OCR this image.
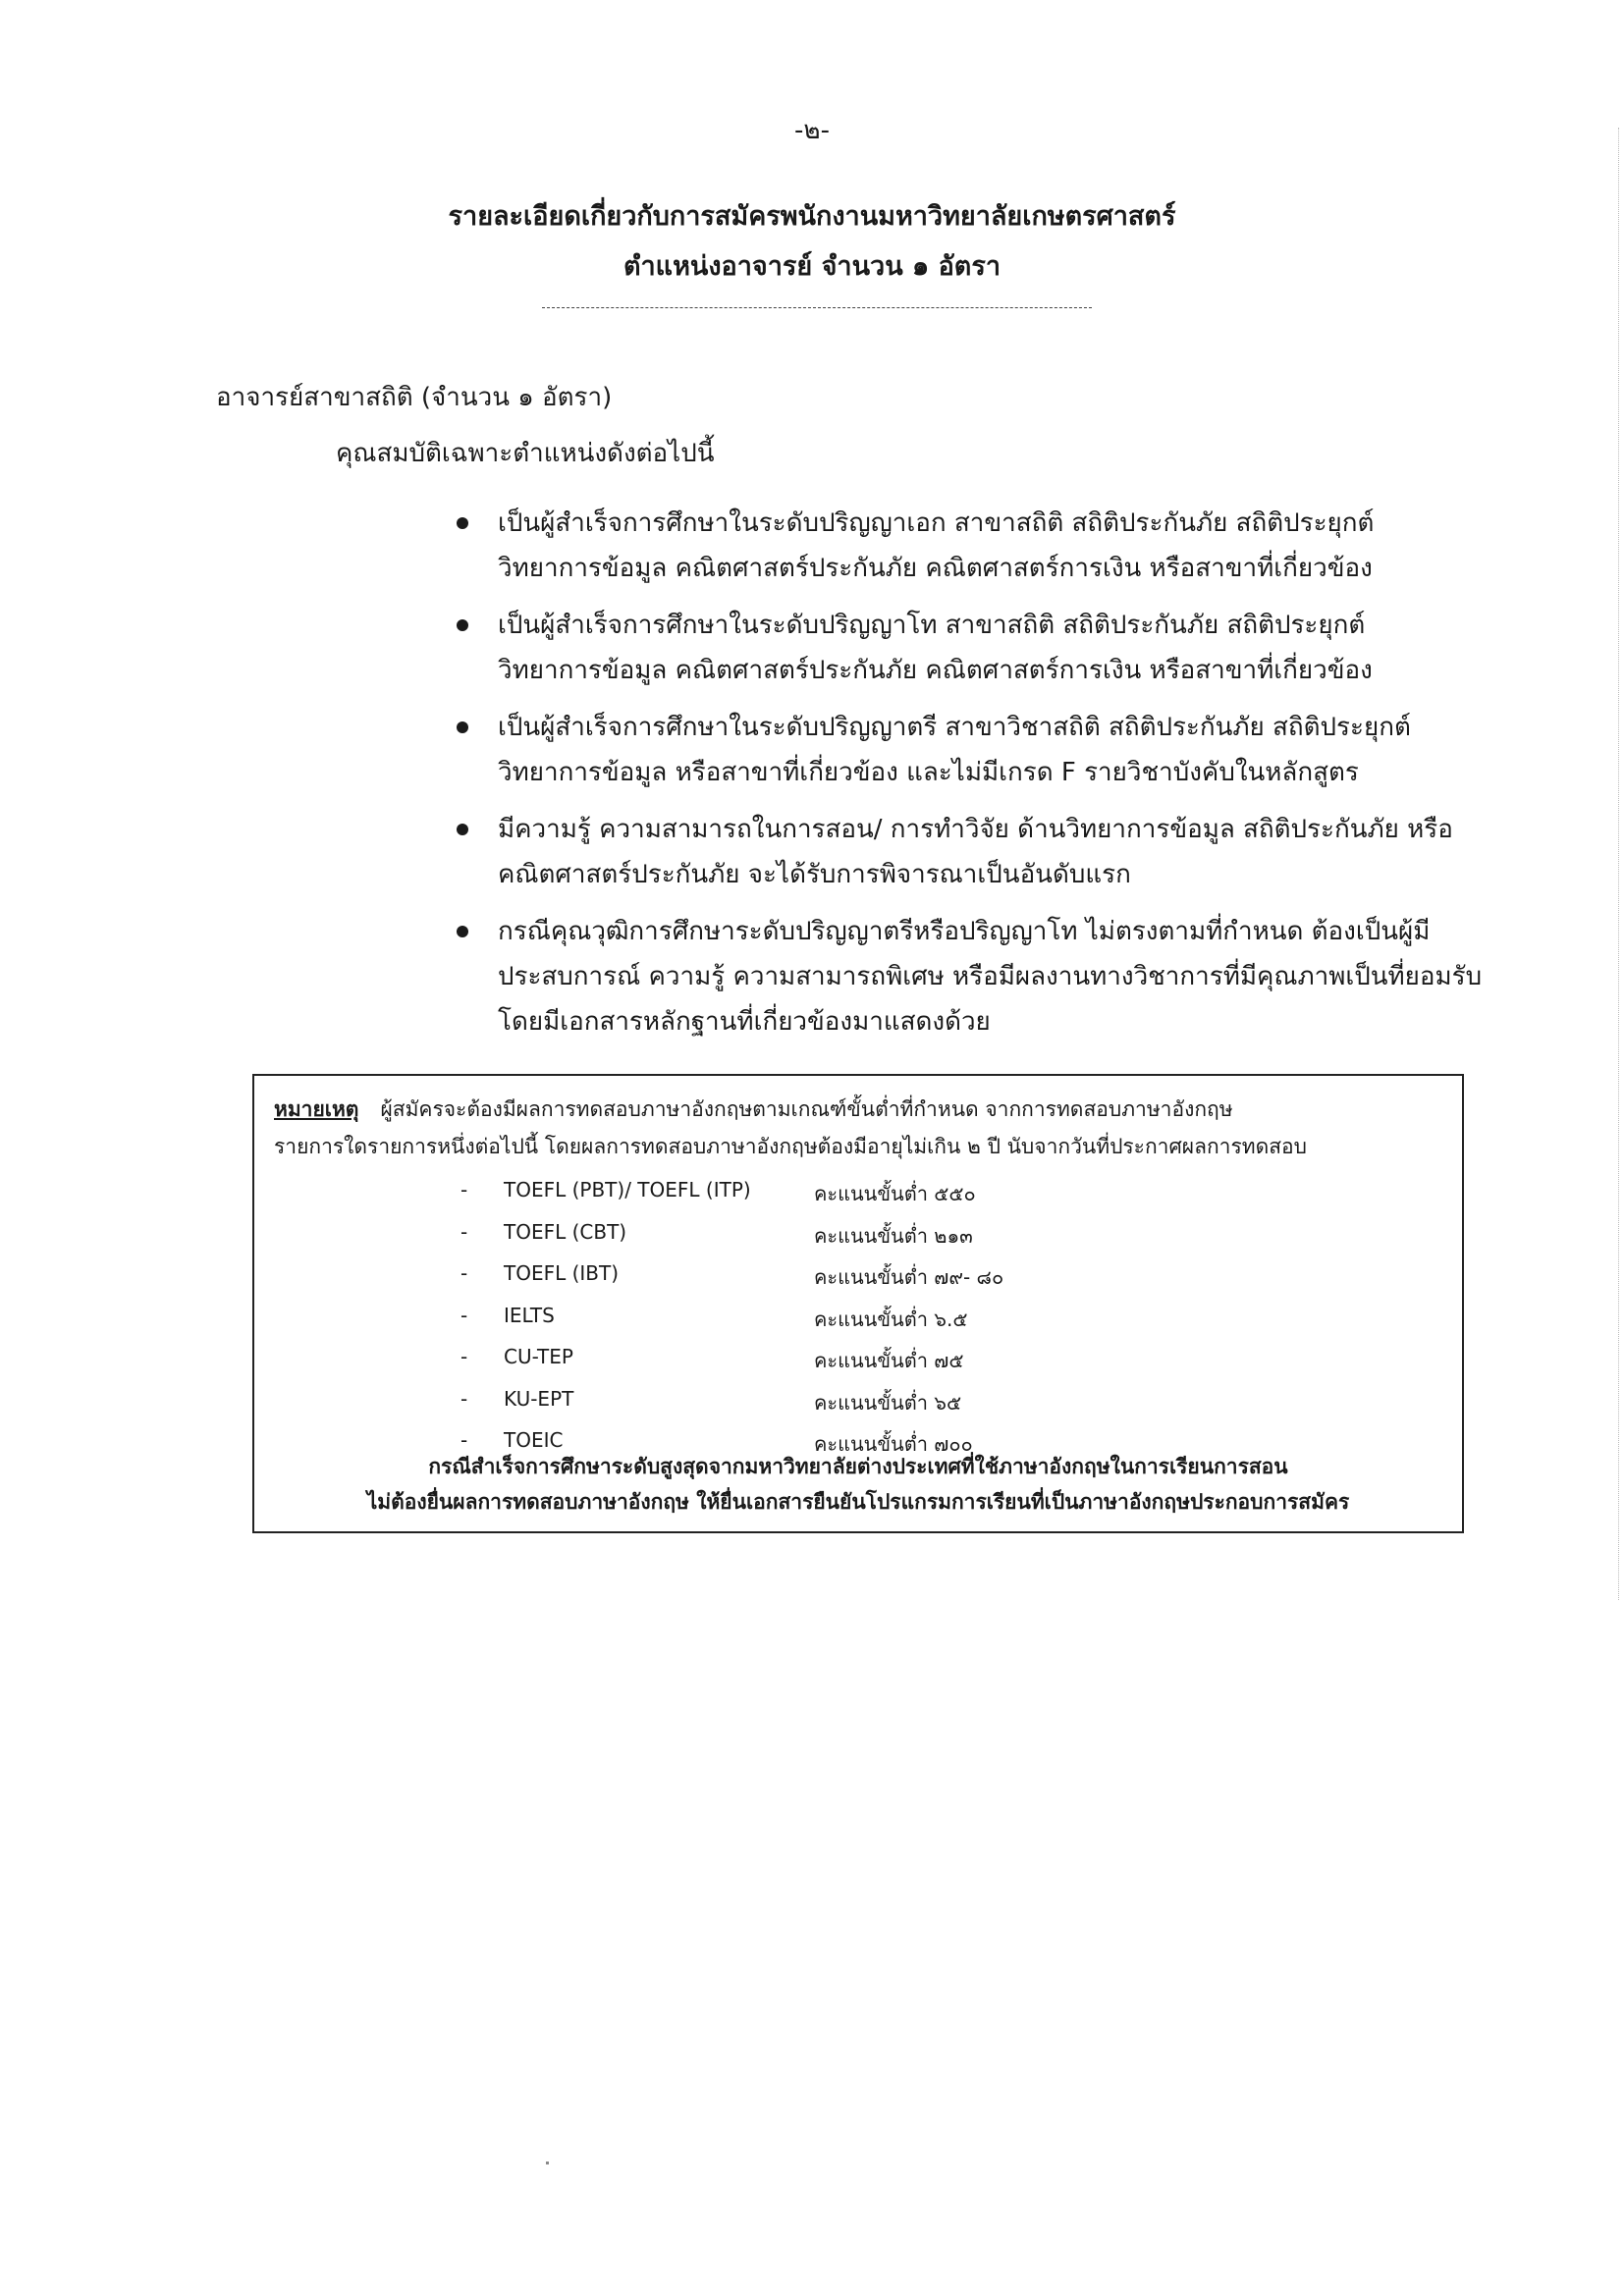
-๒-
รายละเอียดเกี่ยวกับการสมัครพนักงานมหาวิทยาลัยเกษตรศาสตร์
ตำแหน่งอาจารย์ จำนวน ๑ อัตรา
อาจารย์สาขาสถิติ (จำนวน ๑ อัตรา)
คุณสมบัติเฉพาะตำแหน่งดังต่อไปนี้
เป็นผู้สำเร็จการศึกษาในระดับปริญญาเอก สาขาสถิติ สถิติประกันภัย สถิติประยุกต์
วิทยาการข้อมูล คณิตศาสตร์ประกันภัย คณิตศาสตร์การเงิน หรือสาขาที่เกี่ยวข้อง
เป็นผู้สำเร็จการศึกษาในระดับปริญญาโท สาขาสถิติ สถิติประกันภัย สถิติประยุกต์
วิทยาการข้อมูล คณิตศาสตร์ประกันภัย คณิตศาสตร์การเงิน หรือสาขาที่เกี่ยวข้อง
เป็นผู้สำเร็จการศึกษาในระดับปริญญาตรี สาขาวิชาสถิติ สถิติประกันภัย สถิติประยุกต์
วิทยาการข้อมูล หรือสาขาที่เกี่ยวข้อง และไม่มีเกรด F รายวิชาบังคับในหลักสูตร
มีความรู้ ความสามารถในการสอน/ การทำวิจัย ด้านวิทยาการข้อมูล สถิติประกันภัย หรือ
คณิตศาสตร์ประกันภัย จะได้รับการพิจารณาเป็นอันดับแรก
กรณีคุณวุฒิการศึกษาระดับปริญญาตรีหรือปริญญาโท ไม่ตรงตามที่กำหนด ต้องเป็นผู้มี
ประสบการณ์ ความรู้ ความสามารถพิเศษ หรือมีผลงานทางวิชาการที่มีคุณภาพเป็นที่ยอมรับ
โดยมีเอกสารหลักฐานที่เกี่ยวข้องมาแสดงด้วย
หมายเหตุ ผู้สมัครจะต้องมีผลการทดสอบภาษาอังกฤษตามเกณฑ์ขั้นต่ำที่กำหนด จากการทดสอบภาษาอังกฤษ
รายการใดรายการหนึ่งต่อไปนี้ โดยผลการทดสอบภาษาอังกฤษต้องมีอายุไม่เกิน ๒ ปี นับจากวันที่ประกาศผลการทดสอบ
- TOEFL (PBT)/ TOEFL (ITP)	คะแนนขั้นต่ำ ๕๕๐
- TOEFL (CBT)	คะแนนขั้นต่ำ ๒๑๓
- TOEFL (IBT)	คะแนนขั้นต่ำ ๗๙- ๘๐
- IELTS	คะแนนขั้นต่ำ ๖.๕
- CU-TEP	คะแนนขั้นต่ำ ๗๕
- KU-EPT	คะแนนขั้นต่ำ ๖๕
- TOEIC	คะแนนขั้นต่ำ ๗๐๐
กรณีสำเร็จการศึกษาระดับสูงสุดจากมหาวิทยาลัยต่างประเทศที่ใช้ภาษาอังกฤษในการเรียนการสอน
ไม่ต้องยื่นผลการทดสอบภาษาอังกฤษ ให้ยื่นเอกสารยืนยันโปรแกรมการเรียนที่เป็นภาษาอังกฤษประกอบการสมัคร
